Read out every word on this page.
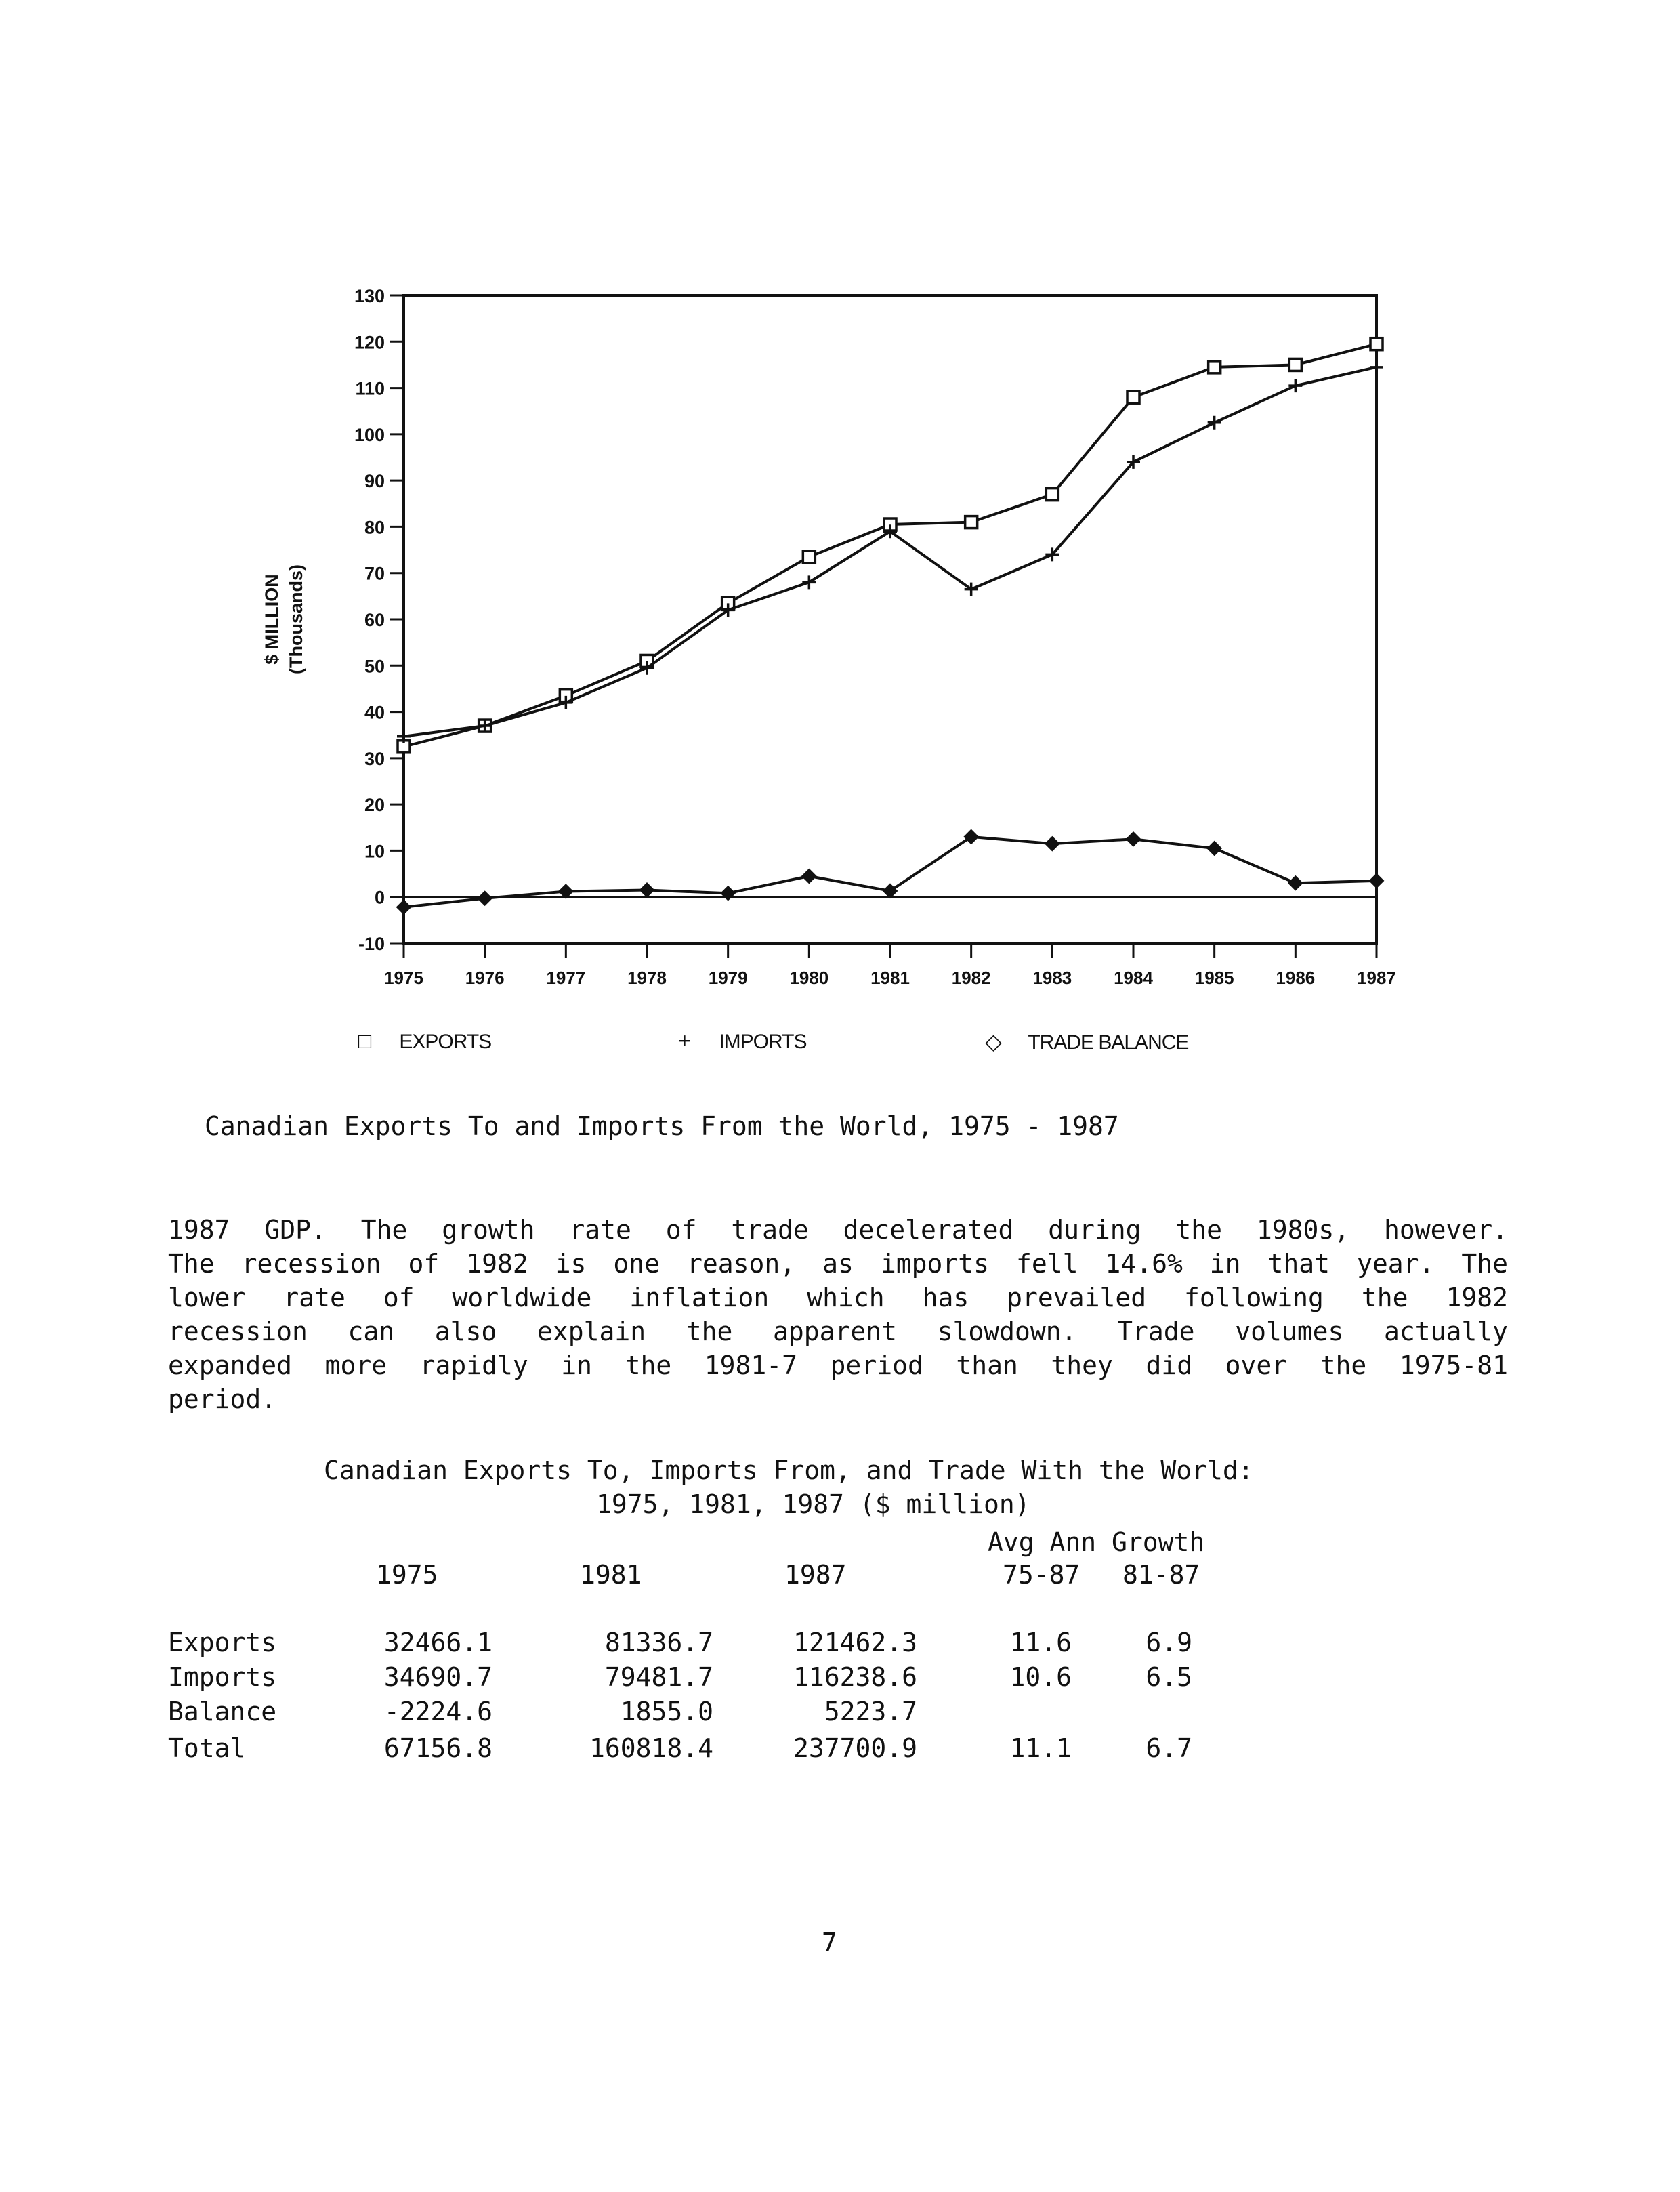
130
120
110
100
90
80
70
60
50
40
30
20
10
0
-10
1975 1976 1977 1978 1979 1980 1981 1982 1983 1984 1985 1986 1987
$ MILLION (Thousands)
□ EXPORTS	+ IMPORTS	◇ TRADE BALANCE
Canadian Exports To and Imports From the World, 1975 - 1987
1987 GDP. The growth rate of trade decelerated during the 1980s, however.
The recession of 1982 is one reason, as imports fell 14.6% in that year. The
lower rate of worldwide inflation which has prevailed following the 1982
recession can also explain the apparent slowdown. Trade volumes actually
expanded more rapidly in the 1981-7 period than they did over the 1975-81
period.
Canadian Exports To, Imports From, and Trade With the World:
1975, 1981, 1987 ($ million)
Avg Ann Growth
1975	1981	1987	75-87 81-87
Exports	32466.1	81336.7	121462.3	11.6	6.9
Imports	34690.7	79481.7	116238.6	10.6	6.5
Balance	-2224.6	1855.0	5223.7
Total	67156.8	160818.4	237700.9	11.1	6.7
7
